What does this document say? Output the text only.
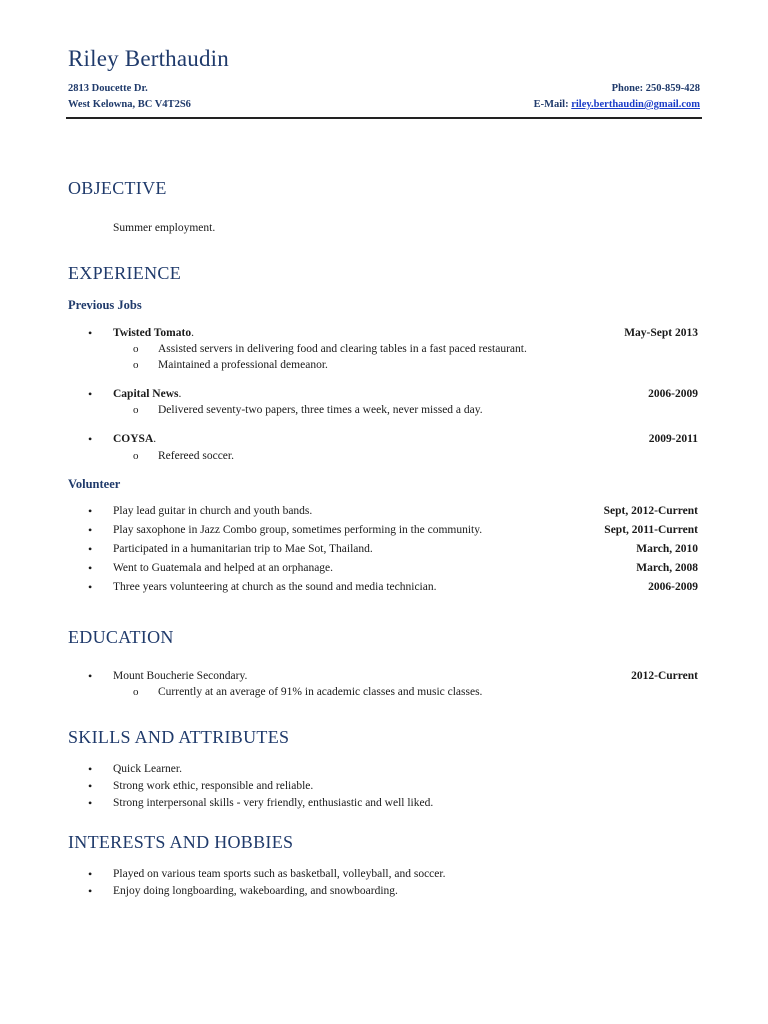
Riley Berthaudin
2813 Doucette Dr.
West Kelowna, BC V4T2S6
Phone: 250-859-428
E-Mail: riley.berthaudin@gmail.com
OBJECTIVE
Summer employment.
EXPERIENCE
Previous Jobs
•	Twisted Tomato.	May-Sept 2013
o Assisted servers in delivering food and clearing tables in a fast paced restaurant.
o Maintained a professional demeanor.
•	Capital News.	2006-2009
o Delivered seventy-two papers, three times a week, never missed a day.
•	COYSA.	2009-2011
o Refereed soccer.
Volunteer
•	Play lead guitar in church and youth bands.	Sept, 2012-Current
•	Play saxophone in Jazz Combo group, sometimes performing in the community.	Sept, 2011-Current
•	Participated in a humanitarian trip to Mae Sot, Thailand.	March, 2010
•	Went to Guatemala and helped at an orphanage.	March, 2008
•	Three years volunteering at church as the sound and media technician.	2006-2009
EDUCATION
•	Mount Boucherie Secondary.	2012-Current
o Currently at an average of 91% in academic classes and music classes.
SKILLS AND ATTRIBUTES
•	Quick Learner.
•	Strong work ethic, responsible and reliable.
•	Strong interpersonal skills - very friendly, enthusiastic and well liked.
INTERESTS AND HOBBIES
•	Played on various team sports such as basketball, volleyball, and soccer.
•	Enjoy doing longboarding, wakeboarding, and snowboarding.
